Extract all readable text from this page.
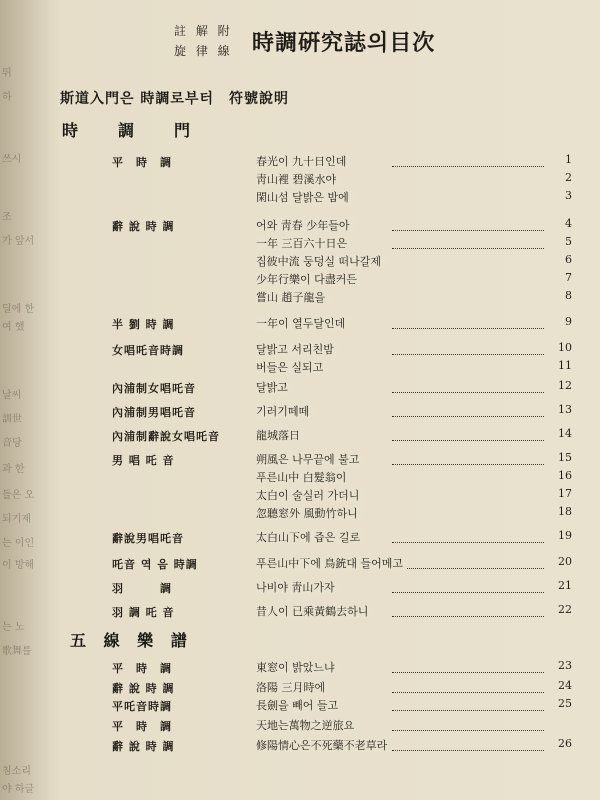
뛰
하
쓰시
조
가 앞서
딜에 한
여 했
날씨
訓世
音당
과 한
들은 오
되기제
는 이인
이 방해
는 노
歌舞를
침소리
야 하글
註 解 附
旋 律 線 時調硏究誌의目次
斯道入門은 時調로부터　符號說明
時　調　門
平　時　調	春光이 九十日인데	1
靑山裡 碧溪水야	2
閑山섬 달밝은 밤에	3
辭 說 時 調	어와 靑春 少年들아	4
一年 三百六十日은	5
집彼中流 둥덩실 떠나갈제	6
少年行樂이 다盡커든	7
嘗山 趙子龍을	8
半 劉 時 調	一年이 열두달인데	9
女唱吒音時調	달밝고 서리친밤	10
버들은 실되고	11
內浦制女唱吒音	달밝고	12
內浦制男唱吒音	기러기떼떼	13
內浦制辭說女唱吒音	龍城落日	14
男 唱 吒 音	朔風은 나무끝에 불고	15
푸른山中 白髮翁이	16
太白이 술실러 가더니	17
忽聽窓外 風動竹하니	18
辭說男唱吒音	太白山下에 즙은 길로	19
吒音 역 음 時調	푸른山中下에 鳥銃대 들어메고	20
羽　　　調	나비야 靑山가자	21
羽 調 吒 音	昔人이 已乘黃鶴去하니	22
五 線 樂 譜
平　時　調	東窓이 밝았느냐	23
辭 說 時 調	洛陽 三月時에	24
平吒音時調	長劍을 빼어 들고	25
平　時　調	天地는萬物之逆旅요
辭 說 時 調	修陽情心은不死藥不老草라	26
